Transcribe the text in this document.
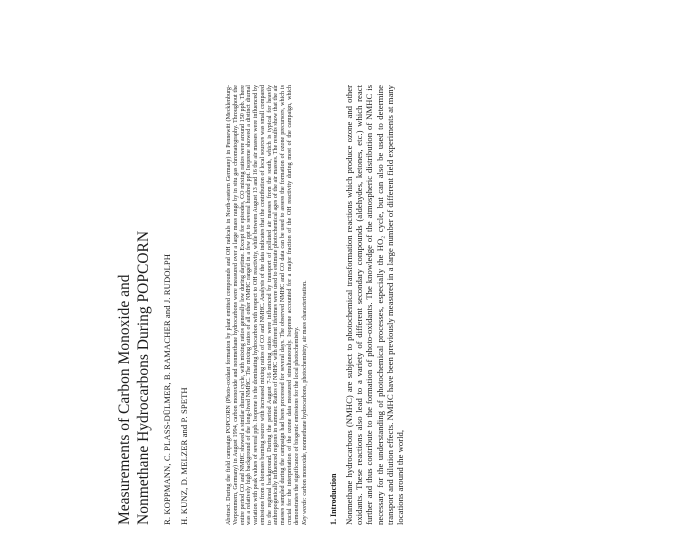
Measurements of Carbon Monoxide and Nonmethane Hydrocarbons During POPCORN R. KOPPMANN, C. PLASS-DÜLMER, B. RAMACHER and J. RUDOLPH H. KUNZ, D. MELZER and P. SPETH	Abstract. During the field campaign POPCORN (Photo-oxidant formation by plant emitted compounds and OH radicals in North-eastern Germany) in Pennewitt (Mecklenburg-Vorpommern, Germany) in August 1994, carbon monoxide and nonmethane hydrocarbons were measured over a large mass range by in situ gas chromatography. Throughout the entire period CO and NMHC showed a similar diurnal cycle, with mixing ratios generally low during daytime. Except for episodes, CO mixing ratios were around 150 ppb. There was a relatively high background of the long-lived NMHC. The mixing ratios of all other NMHC ranged in a few ppt to several hundred ppt. Isoprene showed a distinct diurnal variation with peak values of several ppb. Isoprene is the dominating hydrocarbon with respect to OH reactivity, while between August 13 and 16 the air masses were influenced by emissions from a biomass burning source with increased mixing ratios of CO and NMHC. Analysis of the data indicates that the contribution of local sources was small compared to the regional background. During the period August 7-16 mixing ratios were influenced by transport of polluted air masses from the south, which is typical for heavily anthropogenically influenced regions in summer. Ratios of NMHC with different lifetimes were used to estimate photochemical ages of the air masses. The results show that the air masses sampled during the campaign had been processed for several days. The observed NMHC and CO data can be used to assess the formation of ozone precursors, which is crucial for the interpretation of the ozone data measured simultaneously. Isoprene accounted for a major fraction of the OH reactivity during most of the campaign, which demonstrates the significance of biogenic emissions for the local photochemistry. Key words: carbon monoxide, nonmethane hydrocarbons, photochemistry, air mass characterisation.

1. Introduction Nonmethane hydrocarbons (NMHC) are subject to photochemical transformation reactions which produce ozone and other oxidants. These reactions also lead to a variety of different secondary compounds (aldehydes, ketones, etc.) which react further and thus contribute to the formation of photo-oxidants. The knowledge of the atmospheric distribution of NMHC is necessary for the understanding of photochemical processes, especially the HO₂ cycle, but can also be used to determine transport and dilution effects. NMHC have been previously measured in a large number of different field experiments at many locations around the world,
